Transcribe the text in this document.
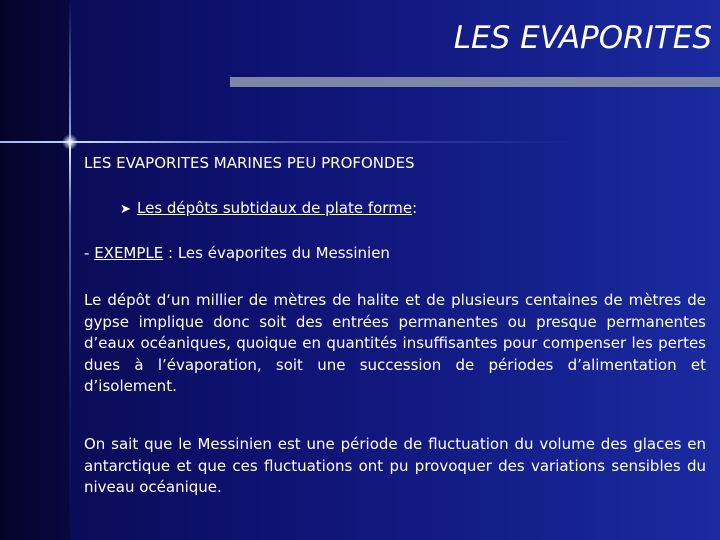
LES EVAPORITES
LES EVAPORITES MARINES PEU PROFONDES
➤ Les dépôts subtidaux de plate forme:
- EXEMPLE : Les évaporites du Messinien
Le dépôt d‘un millier de mètres de halite et de plusieurs centaines de mètres de gypse implique donc soit des entrées permanentes ou presque permanentes d’eaux océaniques, quoique en quantités insuffisantes pour compenser les pertes dues à l’évaporation, soit une succession de périodes d’alimentation et d’isolement.
On sait que le Messinien est une période de fluctuation du volume des glaces en antarctique et que ces fluctuations ont pu provoquer des variations sensibles du niveau océanique.
